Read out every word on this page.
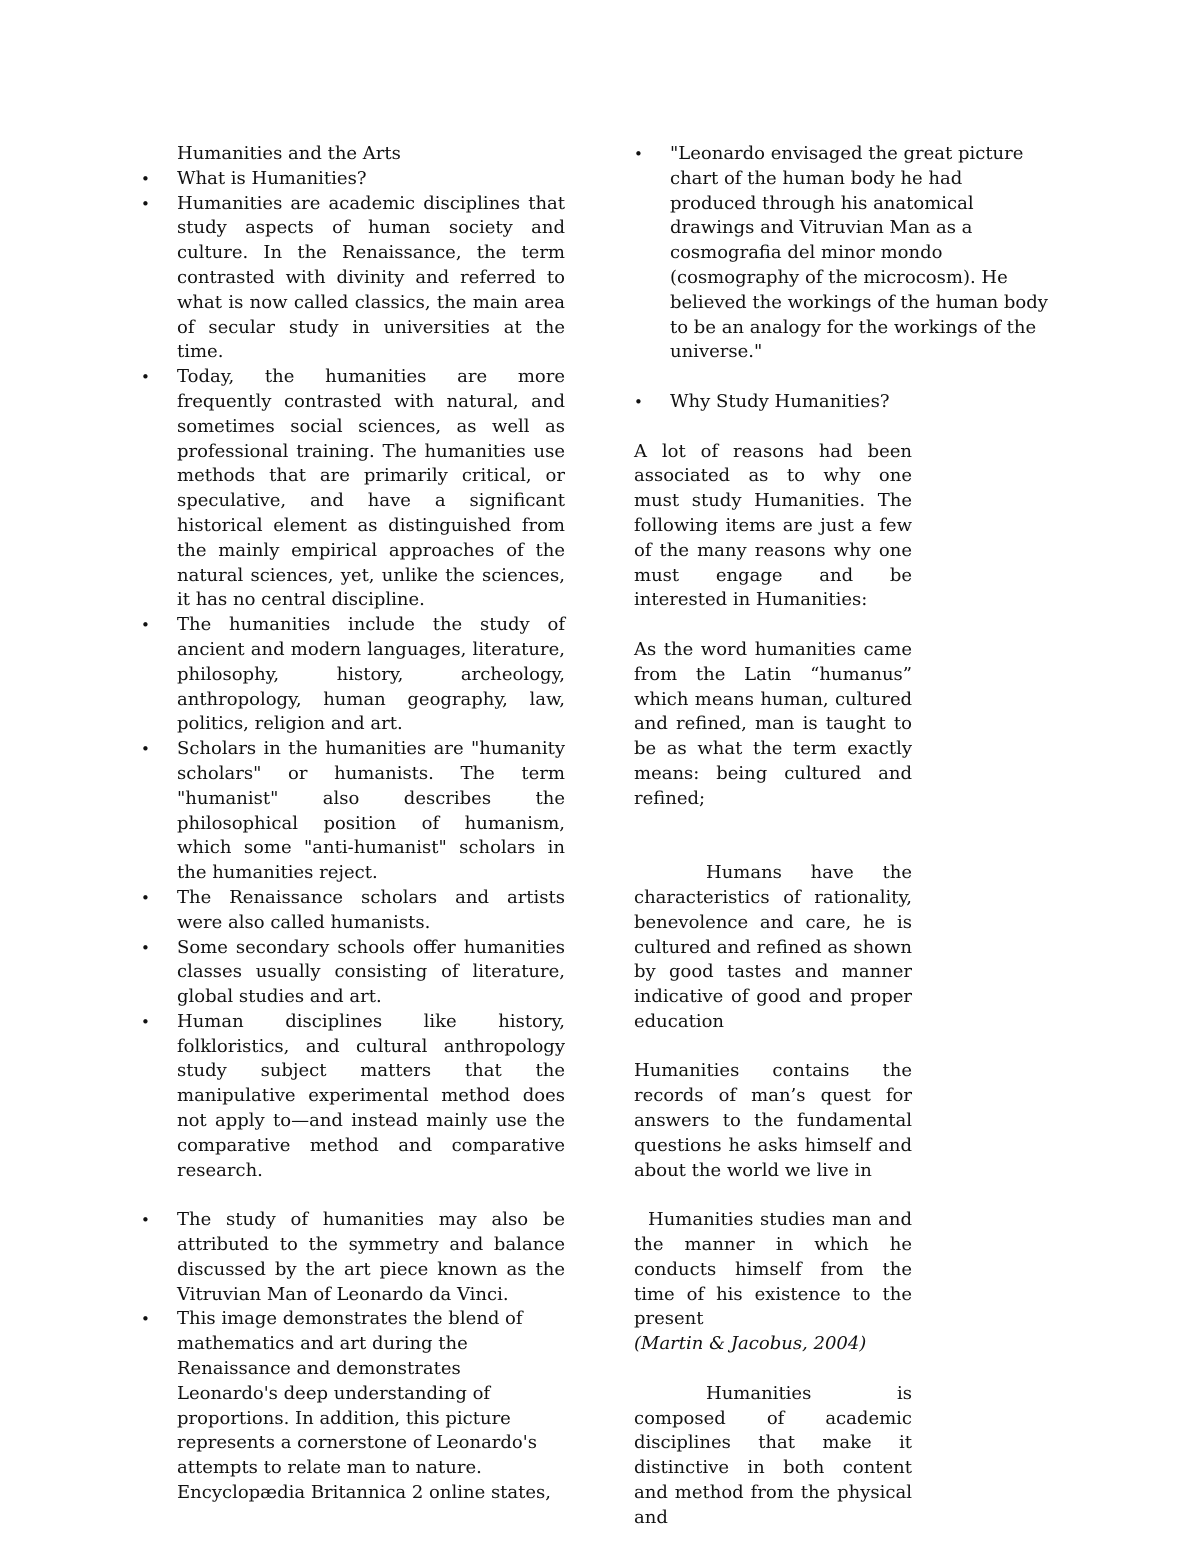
Humanities and the Arts

• What is Humanities?
• Humanities are academic disciplines that study aspects of human society and culture. In the Renaissance, the term contrasted with divinity and referred to what is now called classics, the main area of secular study in universities at the time.
• Today, the humanities are more frequently contrasted with natural, and sometimes social sciences, as well as professional training. The humanities use methods that are primarily critical, or speculative, and have a significant historical element as distinguished from the mainly empirical approaches of the natural sciences, yet, unlike the sciences, it has no central discipline.
• The humanities include the study of ancient and modern languages, literature, philosophy, history, archeology, anthropology, human geography, law, politics, religion and art.
• Scholars in the humanities are "humanity scholars" or humanists. The term "humanist" also describes the philosophical position of humanism, which some "anti-humanist" scholars in the humanities reject.
• The Renaissance scholars and artists were also called humanists.
• Some secondary schools offer humanities classes usually consisting of literature, global studies and art.
• Human disciplines like history, folkloristics, and cultural anthropology study subject matters that the manipulative experimental method does not apply to—and instead mainly use the comparative method and comparative research.
• The study of humanities may also be attributed to the symmetry and balance discussed by the art piece known as the Vitruvian Man of Leonardo da Vinci.
• This image demonstrates the blend of mathematics and art during the Renaissance and demonstrates Leonardo's deep understanding of proportions. In addition, this picture represents a cornerstone of Leonardo's attempts to relate man to nature. Encyclopædia Britannica 2 online states,
• "Leonardo envisaged the great picture chart of the human body he had produced through his anatomical drawings and Vitruvian Man as a cosmografia del minor mondo (cosmography of the microcosm). He believed the workings of the human body to be an analogy for the workings of the universe."
• Why Study Humanities?

A lot of reasons had been associated as to why one must study Humanities. The following items are just a few of the many reasons why one must engage and be interested in Humanities:

As the word humanities came from the Latin “humanus” which means human, cultured and refined, man is taught to be as what the term exactly means: being cultured and refined;

Humans have the characteristics of rationality, benevolence and care, he is cultured and refined as shown by good tastes and manner indicative of good and proper education

Humanities contains the records of man’s quest for answers to the fundamental questions he asks himself and about the world we live in

Humanities studies man and the manner in which he conducts himself from the time of his existence to the present

(Martin & Jacobus, 2004)

Humanities is composed of academic disciplines that make it distinctive in both content and method from the physical and
